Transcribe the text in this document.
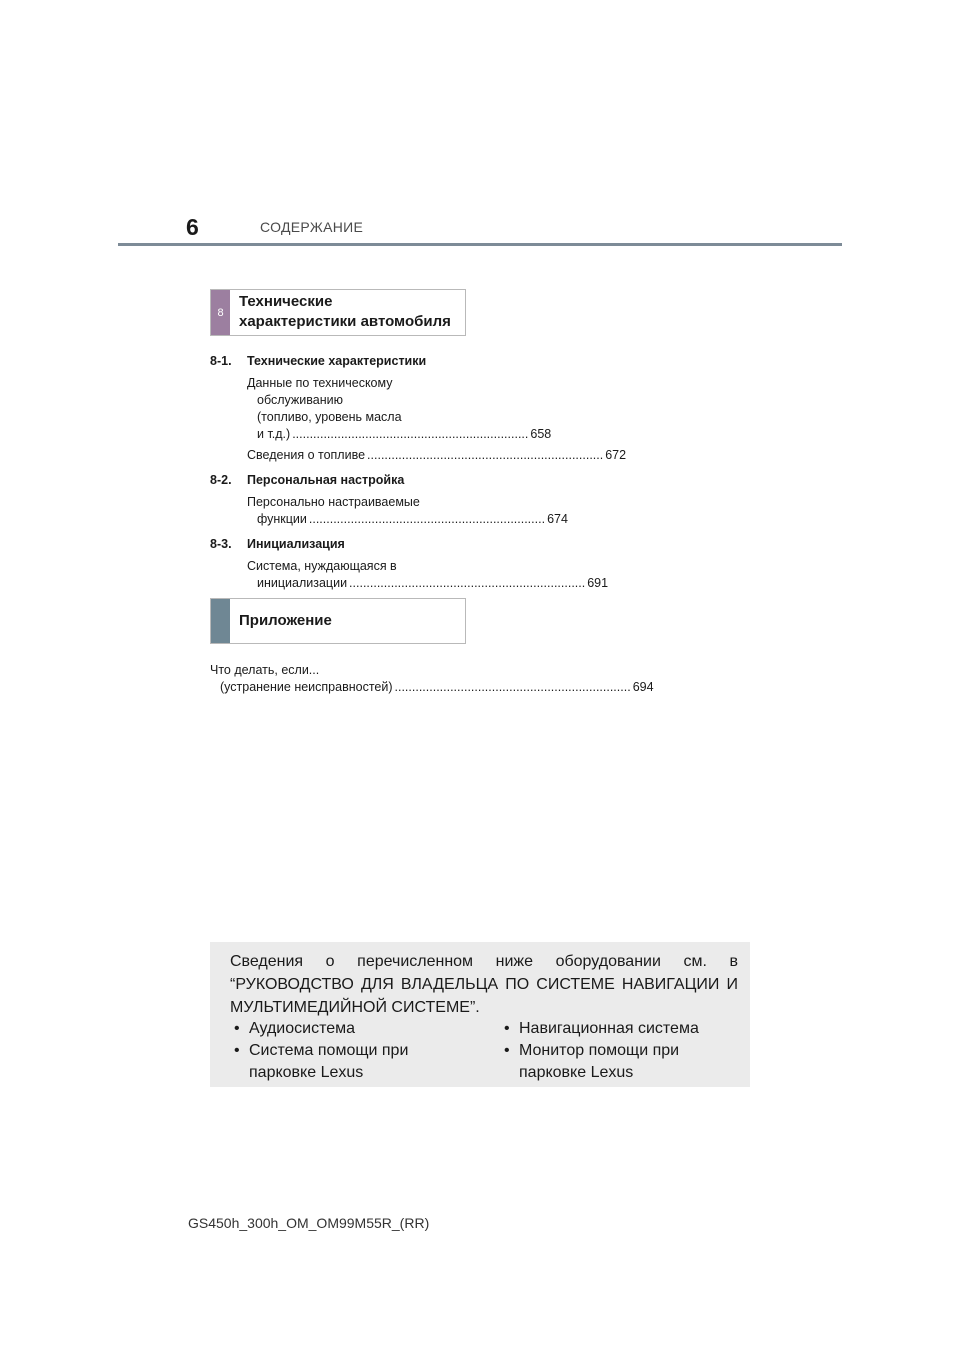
6	СОДЕРЖАНИЕ
8
Технические
характеристики автомобиля
8-1.	Технические характеристики
Данные по техническому
обслуживанию
(топливо, уровень масла
и т.д.) .................................................................... 658
Сведения о топливе .................................................................... 672
8-2.	Персональная настройка
Персонально настраиваемые
функции .................................................................... 674
8-3.	Инициализация
Система, нуждающаяся в
инициализации .................................................................... 691
Приложение
Что делать, если...
(устранение неисправностей) .................................................................... 694
Сведения о перечисленном ниже оборудовании см. в “РУКОВОДСТВО ДЛЯ ВЛАДЕЛЬЦА ПО СИСТЕМЕ НАВИГАЦИИ И МУЛЬТИМЕДИЙНОЙ СИСТЕМЕ”.
• Аудиосистема
• Система помощи при парковке Lexus
• Навигационная система
• Монитор помощи при парковке Lexus
GS450h_300h_OM_OM99M55R_(RR)
